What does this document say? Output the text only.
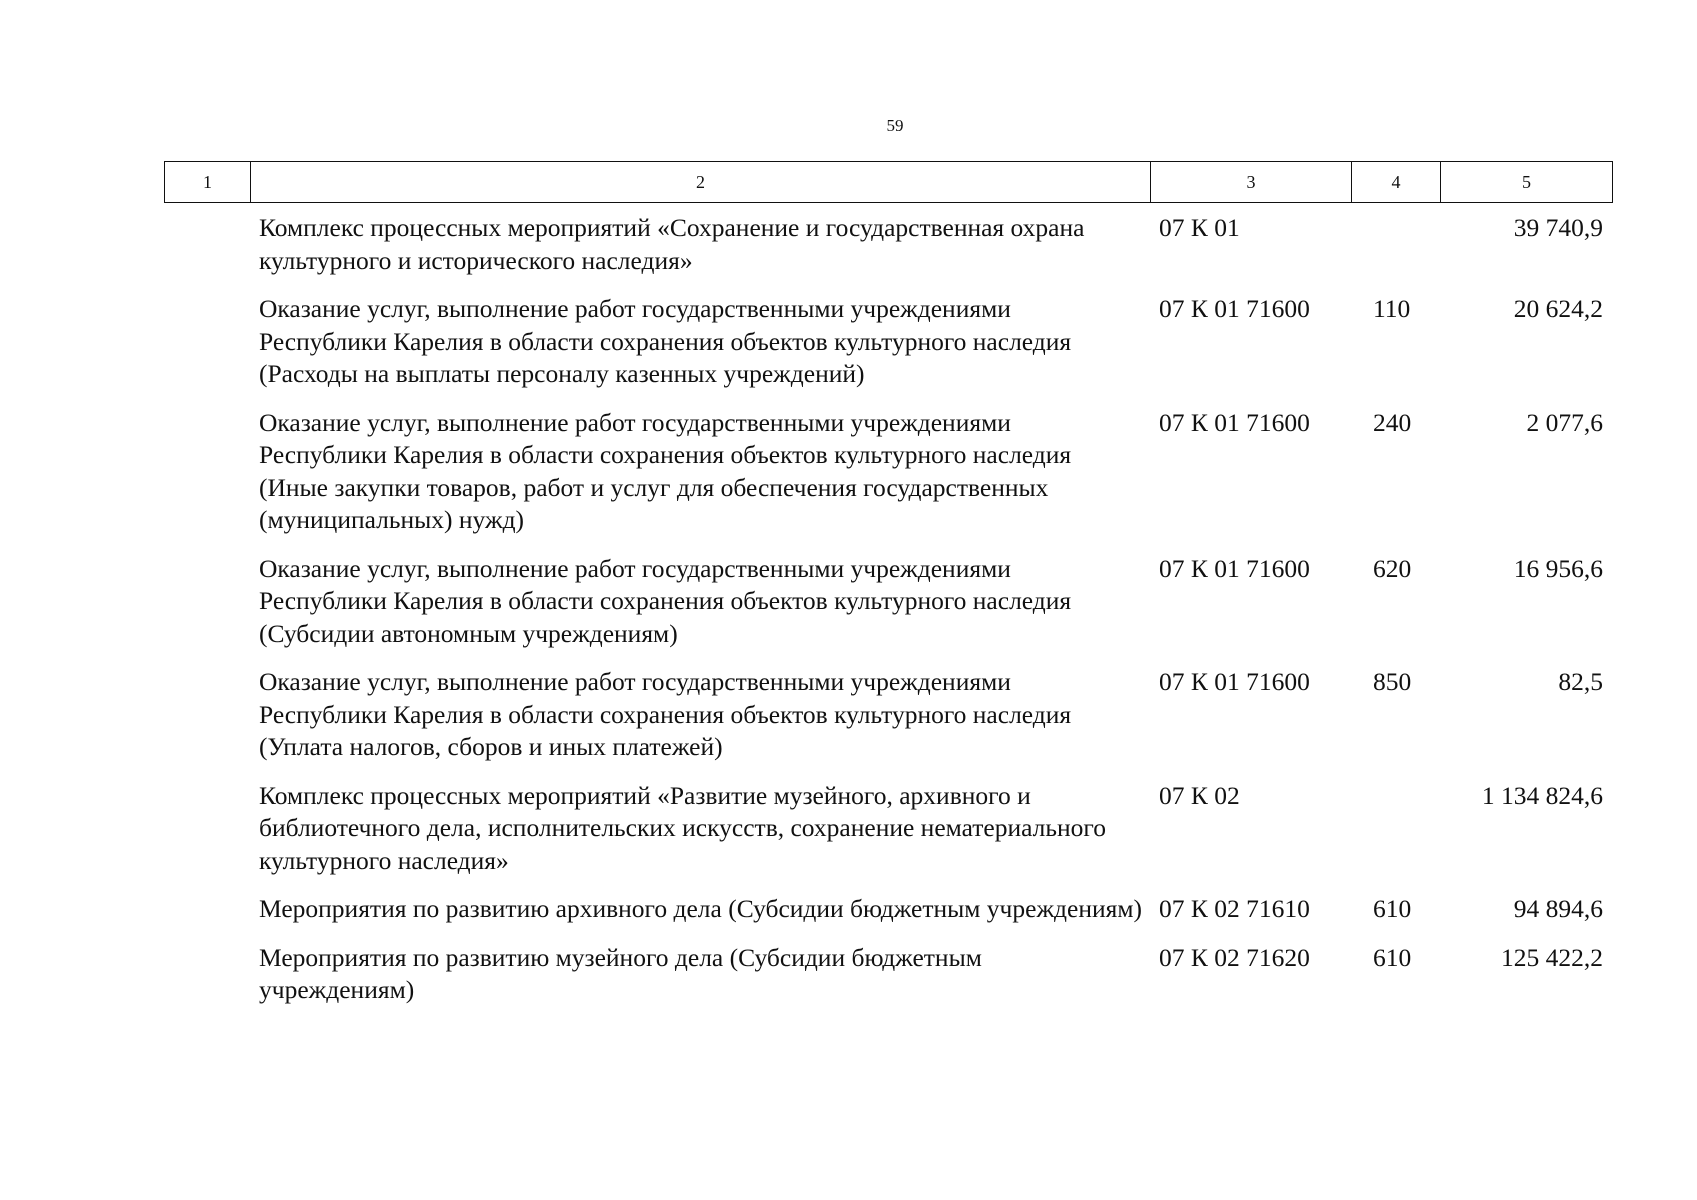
59
1	2	3	4	5
Комплекс процессных мероприятий «Сохранение и государственная охрана культурного и исторического наследия»	07 К 01		39 740,9
Оказание услуг, выполнение работ государственными учреждениями Республики Карелия в области сохранения объектов культурного наследия (Расходы на выплаты персоналу казенных учреждений)	07 К 01 71600	110	20 624,2
Оказание услуг, выполнение работ государственными учреждениями Республики Карелия в области сохранения объектов культурного наследия (Иные закупки товаров, работ и услуг для обеспечения государственных (муниципальных) нужд)	07 К 01 71600	240	2 077,6
Оказание услуг, выполнение работ государственными учреждениями Республики Карелия в области сохранения объектов культурного наследия (Субсидии автономным учреждениям)	07 К 01 71600	620	16 956,6
Оказание услуг, выполнение работ государственными учреждениями Республики Карелия в области сохранения объектов культурного наследия (Уплата налогов, сборов и иных платежей)	07 К 01 71600	850	82,5
Комплекс процессных мероприятий «Развитие музейного, архивного и библиотечного дела, исполнительских искусств, сохранение нематериального культурного наследия»	07 К 02		1 134 824,6
Мероприятия по развитию архивного дела (Субсидии бюджетным учреждениям)	07 К 02 71610	610	94 894,6
Мероприятия по развитию музейного дела (Субсидии бюджетным учреждениям)	07 К 02 71620	610	125 422,2
